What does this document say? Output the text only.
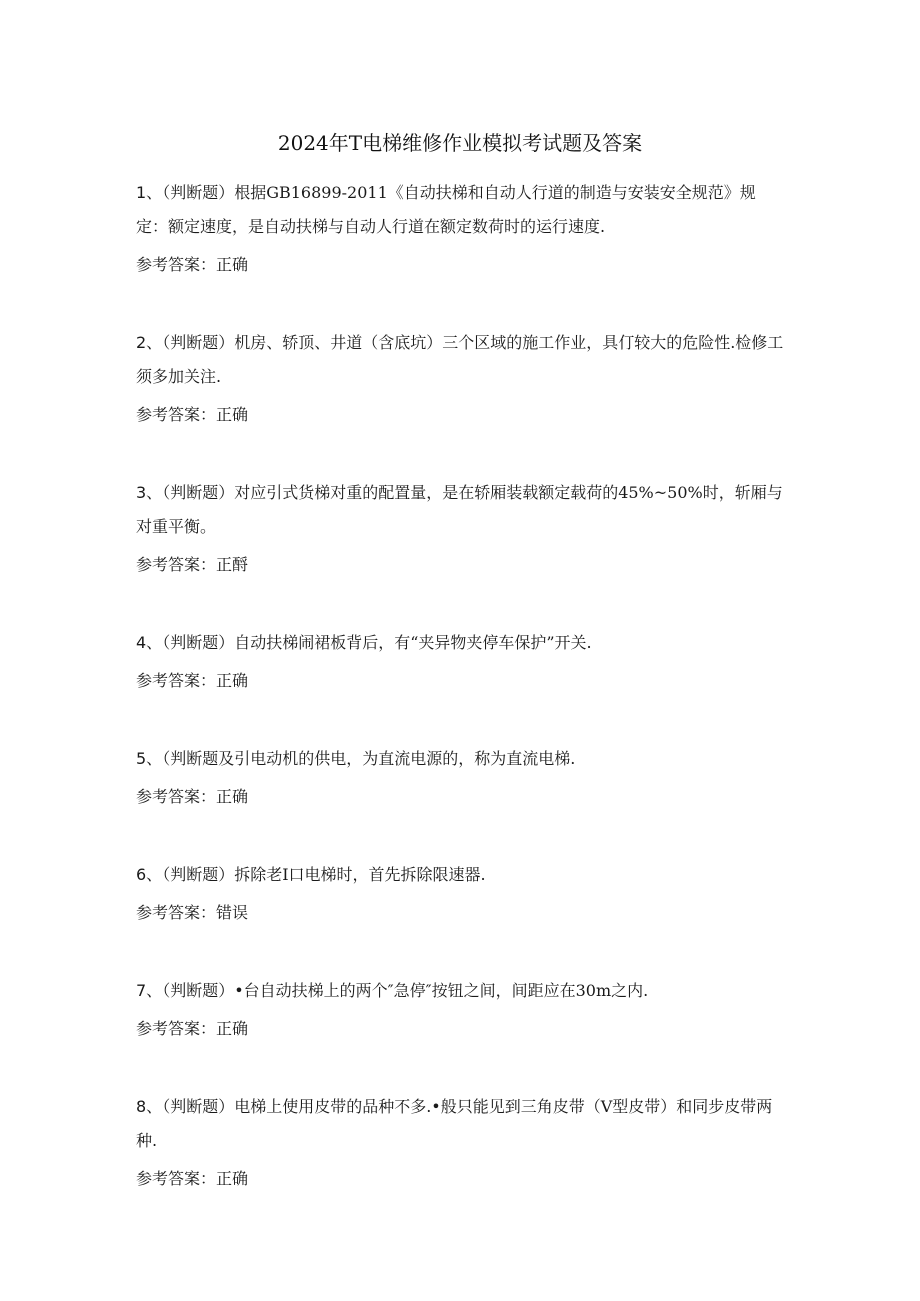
2024年T电梯维修作业模拟考试题及答案

1、（判断题）根据GB16899-2011《自动扶梯和自动人行道的制造与安装安全规范》规定：额定速度，是自动扶梯与自动人行道在额定数荷时的运行速度.

参考答案：正确

2、（判断题）机房、轿顶、井道（含底坑）三个区域的施工作业，具仃较大的危险性.检修工须多加关注.

参考答案：正确

3、（判断题）对应引式货梯对重的配置量，是在轿厢装载额定载荷的45%~50%时，斩厢与对重平衡。

参考答案：正酹

4、（判断题）自动扶梯闹裙板背后，有“夹异物夹停车保护”开关.

参考答案：正确

5、（判断题及引电动机的供电，为直流电源的，称为直流电梯.

参考答案：正确

6、（判断题）拆除老I口电梯时，首先拆除限速器.

参考答案：错误

7、（判断题）•台自动扶梯上的两个″急停″按钮之间，间距应在30m之内.

参考答案：正确

8、（判断题）电梯上使用皮带的品种不多.•般只能见到三角皮带（V型皮带）和同步皮带两种.

参考答案：正确
